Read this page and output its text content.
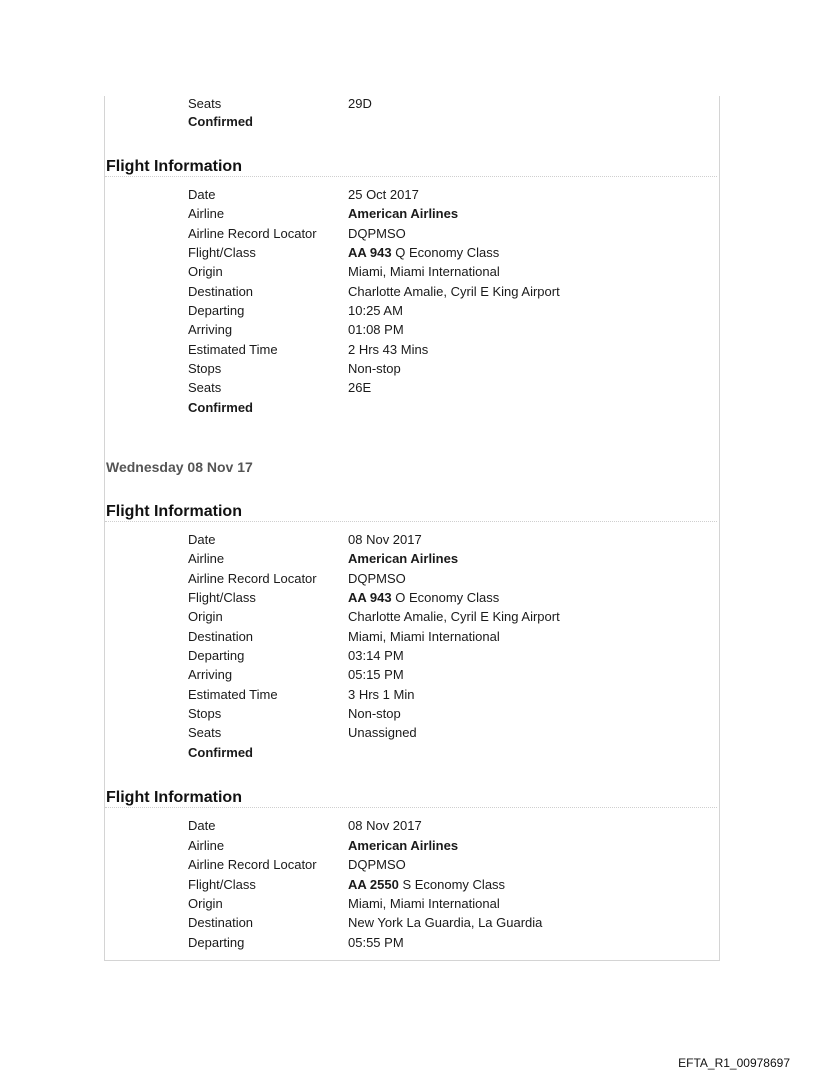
Seats	29D
Confirmed
Flight Information
Date	25 Oct 2017
Airline	American Airlines
Airline Record Locator DQPMSO
Flight/Class	AA 943 Q Economy Class
Origin	Miami, Miami International
Destination	Charlotte Amalie, Cyril E King Airport
Departing	10:25 AM
Arriving	01:08 PM
Estimated Time	2 Hrs 43 Mins
Stops	Non-stop
Seats	26E
Confirmed
Wednesday 08 Nov 17
Flight Information
Date	08 Nov 2017
Airline	American Airlines
Airline Record Locator DQPMSO
Flight/Class	AA 943 O Economy Class
Origin	Charlotte Amalie, Cyril E King Airport
Destination	Miami, Miami International
Departing	03:14 PM
Arriving	05:15 PM
Estimated Time	3 Hrs 1 Min
Stops	Non-stop
Seats	Unassigned
Confirmed
Flight Information
Date	08 Nov 2017
Airline	American Airlines
Airline Record Locator DQPMSO
Flight/Class	AA 2550 S Economy Class
Origin	Miami, Miami International
Destination	New York La Guardia, La Guardia
Departing	05:55 PM
EFTA_R1_00978697
